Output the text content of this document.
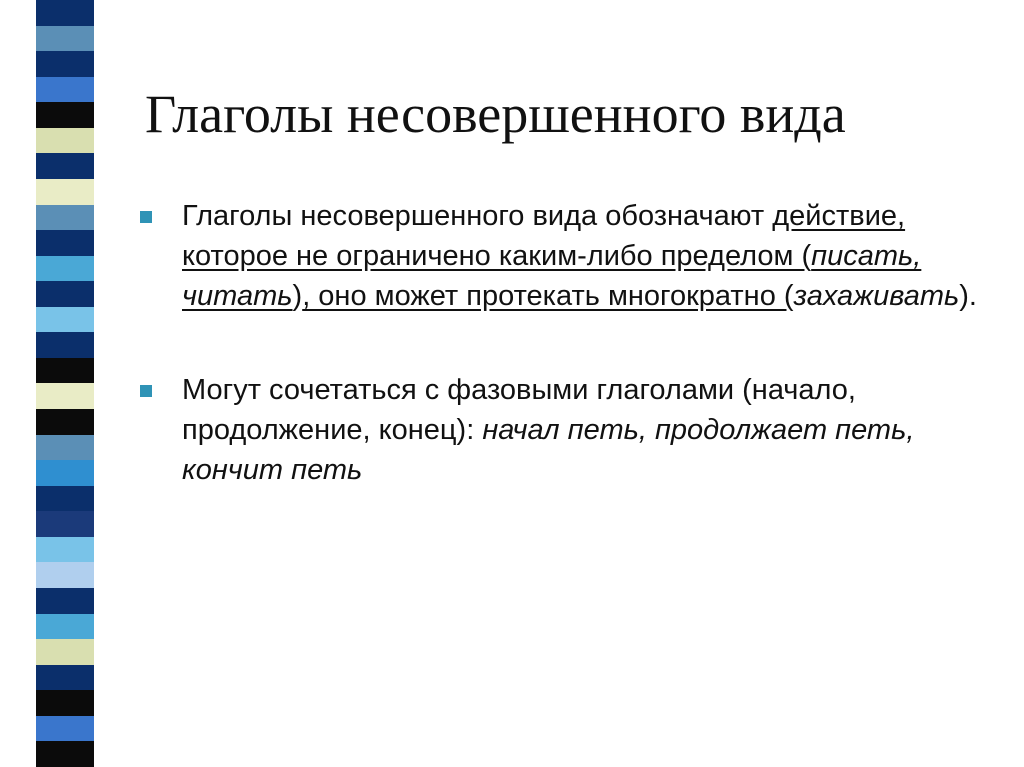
Глаголы несовершенного вида
Глаголы несовершенного вида обозначают действие, которое не ограничено каким-либо пределом (писать, читать), оно может протекать многократно (захаживать).
Могут сочетаться с фазовыми глаголами (начало, продолжение, конец): начал петь, продолжает петь, кончит петь
